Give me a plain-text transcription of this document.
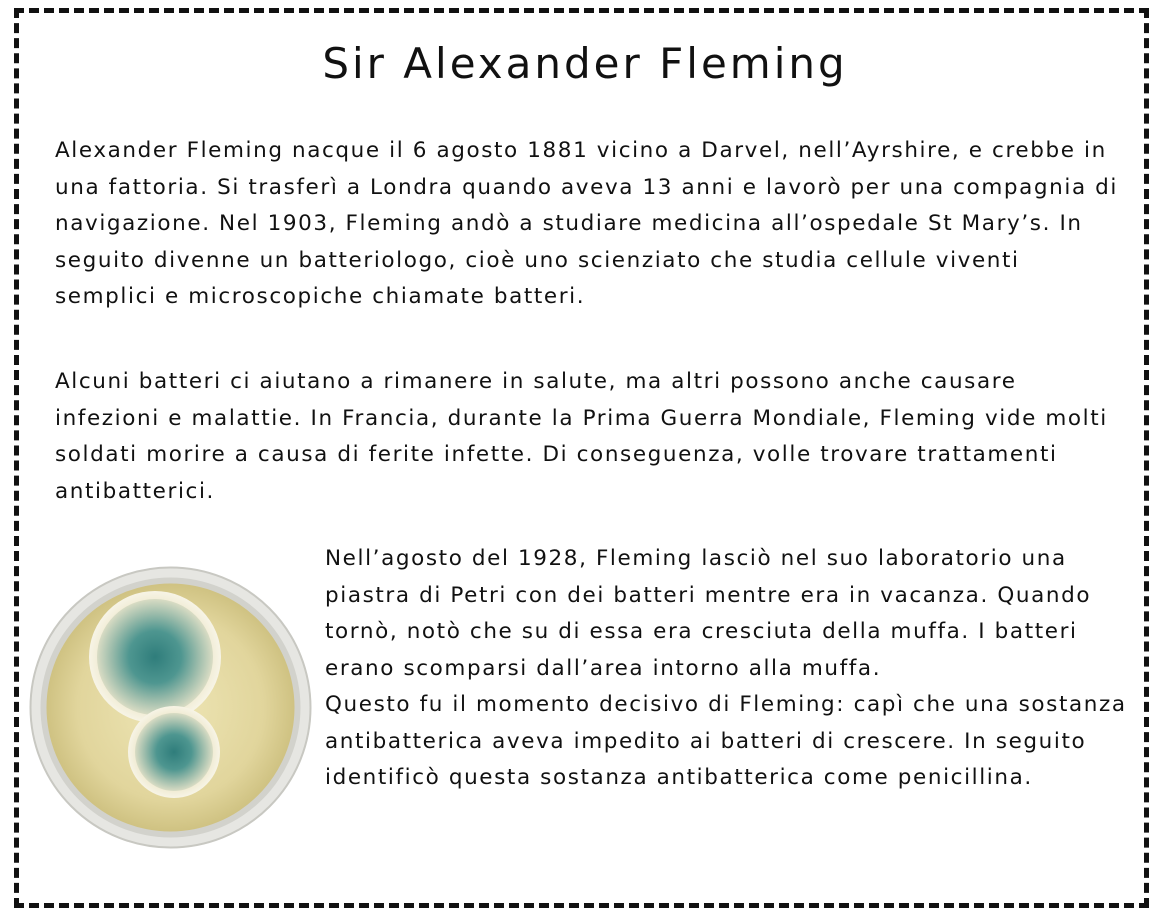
Sir Alexander Fleming

Alexander Fleming nacque il 6 agosto 1881 vicino a Darvel, nell’Ayrshire, e crebbe in una fattoria. Si trasferì a Londra quando aveva 13 anni e lavorò per una compagnia di navigazione. Nel 1903, Fleming andò a studiare medicina all’ospedale St Mary’s. In seguito divenne un batteriologo, cioè uno scienziato che studia cellule viventi semplici e microscopiche chiamate batteri.

Alcuni batteri ci aiutano a rimanere in salute, ma altri possono anche causare infezioni e malattie. In Francia, durante la Prima Guerra Mondiale, Fleming vide molti soldati morire a causa di ferite infette. Di conseguenza, volle trovare trattamenti antibatterici.

Nell’agosto del 1928, Fleming lasciò nel suo laboratorio una piastra di Petri con dei batteri mentre era in vacanza. Quando tornò, notò che su di essa era cresciuta della muffa. I batteri erano scomparsi dall’area intorno alla muffa.
Questo fu il momento decisivo di Fleming: capì che una sostanza antibatterica aveva impedito ai batteri di crescere. In seguito identificò questa sostanza antibatterica come penicillina.
